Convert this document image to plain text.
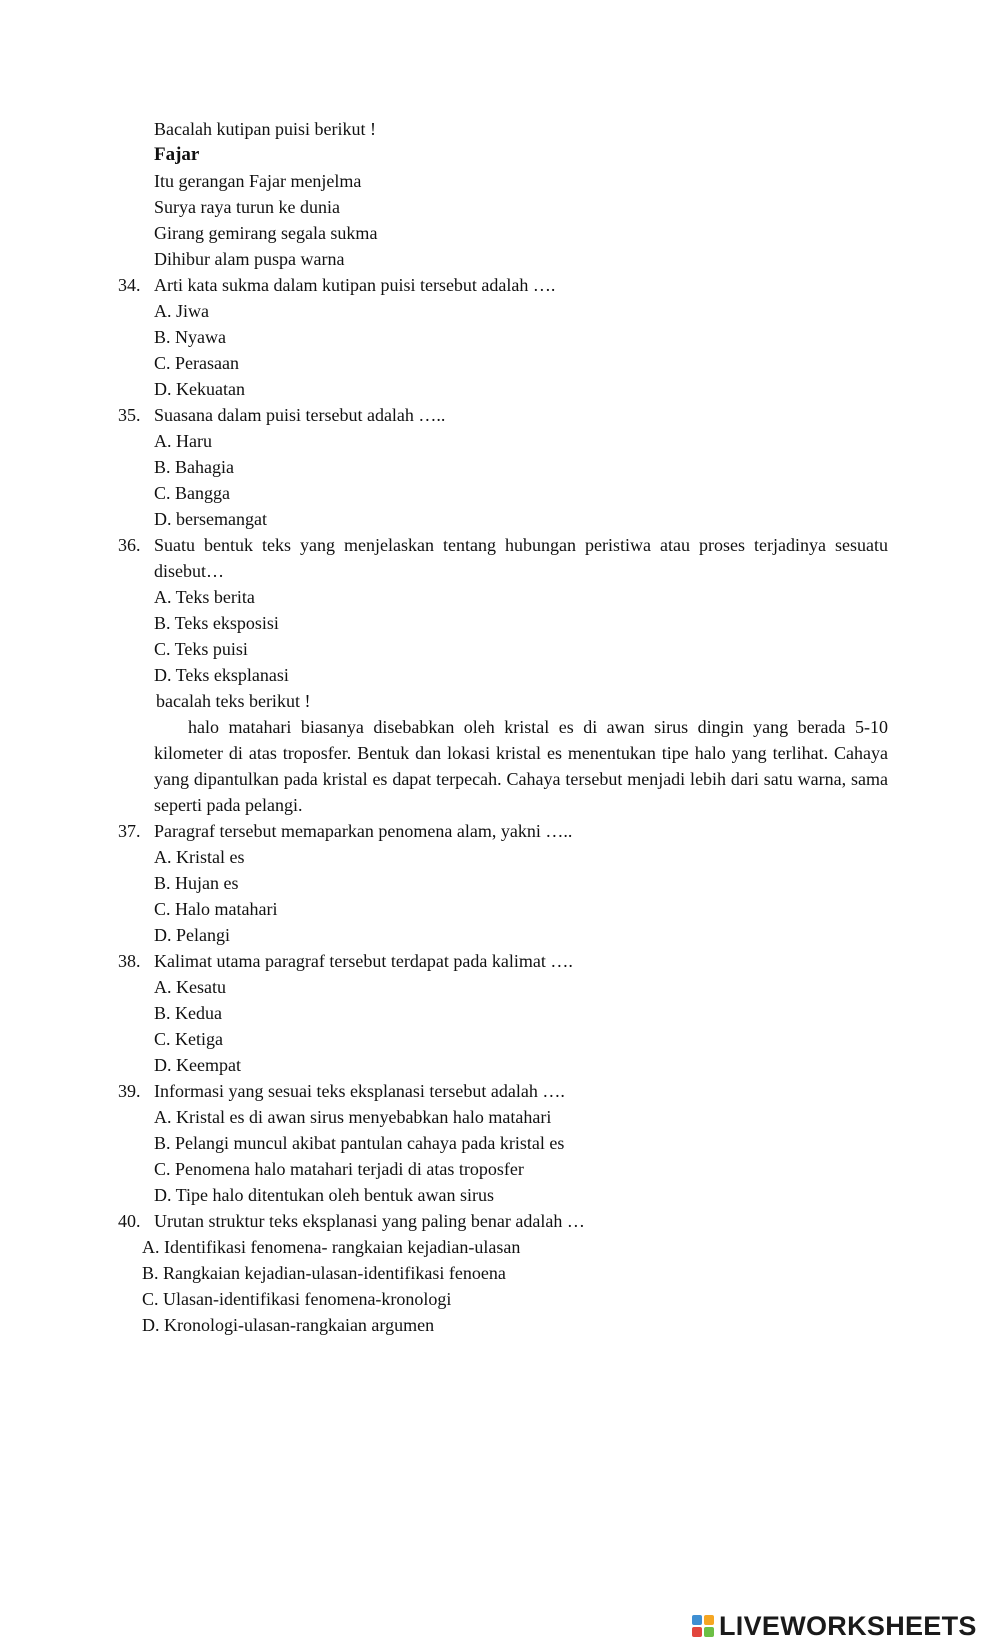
Bacalah kutipan puisi berikut !
Fajar
Itu gerangan Fajar menjelma
Surya raya turun ke dunia
Girang gemirang segala sukma
Dihibur alam puspa warna
34. Arti kata sukma dalam kutipan puisi tersebut adalah ….
A. Jiwa
B. Nyawa
C. Perasaan
D. Kekuatan
35. Suasana dalam puisi tersebut adalah …..
A. Haru
B. Bahagia
C. Bangga
D. bersemangat
36. Suatu bentuk teks yang menjelaskan tentang hubungan peristiwa atau proses terjadinya sesuatu disebut…
A. Teks berita
B. Teks eksposisi
C. Teks puisi
D. Teks eksplanasi
bacalah teks berikut !
halo matahari biasanya disebabkan oleh kristal es di awan sirus dingin yang berada 5-10 kilometer di atas troposfer. Bentuk dan lokasi kristal es menentukan tipe halo yang terlihat. Cahaya yang dipantulkan pada kristal es dapat terpecah. Cahaya tersebut menjadi lebih dari satu warna, sama seperti pada pelangi.
37. Paragraf tersebut memaparkan penomena alam, yakni …..
A. Kristal es
B. Hujan es
C. Halo matahari
D. Pelangi
38. Kalimat utama paragraf tersebut terdapat pada kalimat ….
A. Kesatu
B. Kedua
C. Ketiga
D. Keempat
39. Informasi yang sesuai teks eksplanasi tersebut adalah ….
A. Kristal es di awan sirus menyebabkan halo matahari
B. Pelangi muncul akibat pantulan cahaya pada kristal es
C. Penomena halo matahari terjadi di atas troposfer
D. Tipe halo ditentukan oleh bentuk awan sirus
40. Urutan struktur teks eksplanasi yang paling benar adalah …
A. Identifikasi fenomena- rangkaian kejadian-ulasan
B. Rangkaian kejadian-ulasan-identifikasi fenoena
C. Ulasan-identifikasi fenomena-kronologi
D. Kronologi-ulasan-rangkaian argumen
LIVEWORKSHEETS
